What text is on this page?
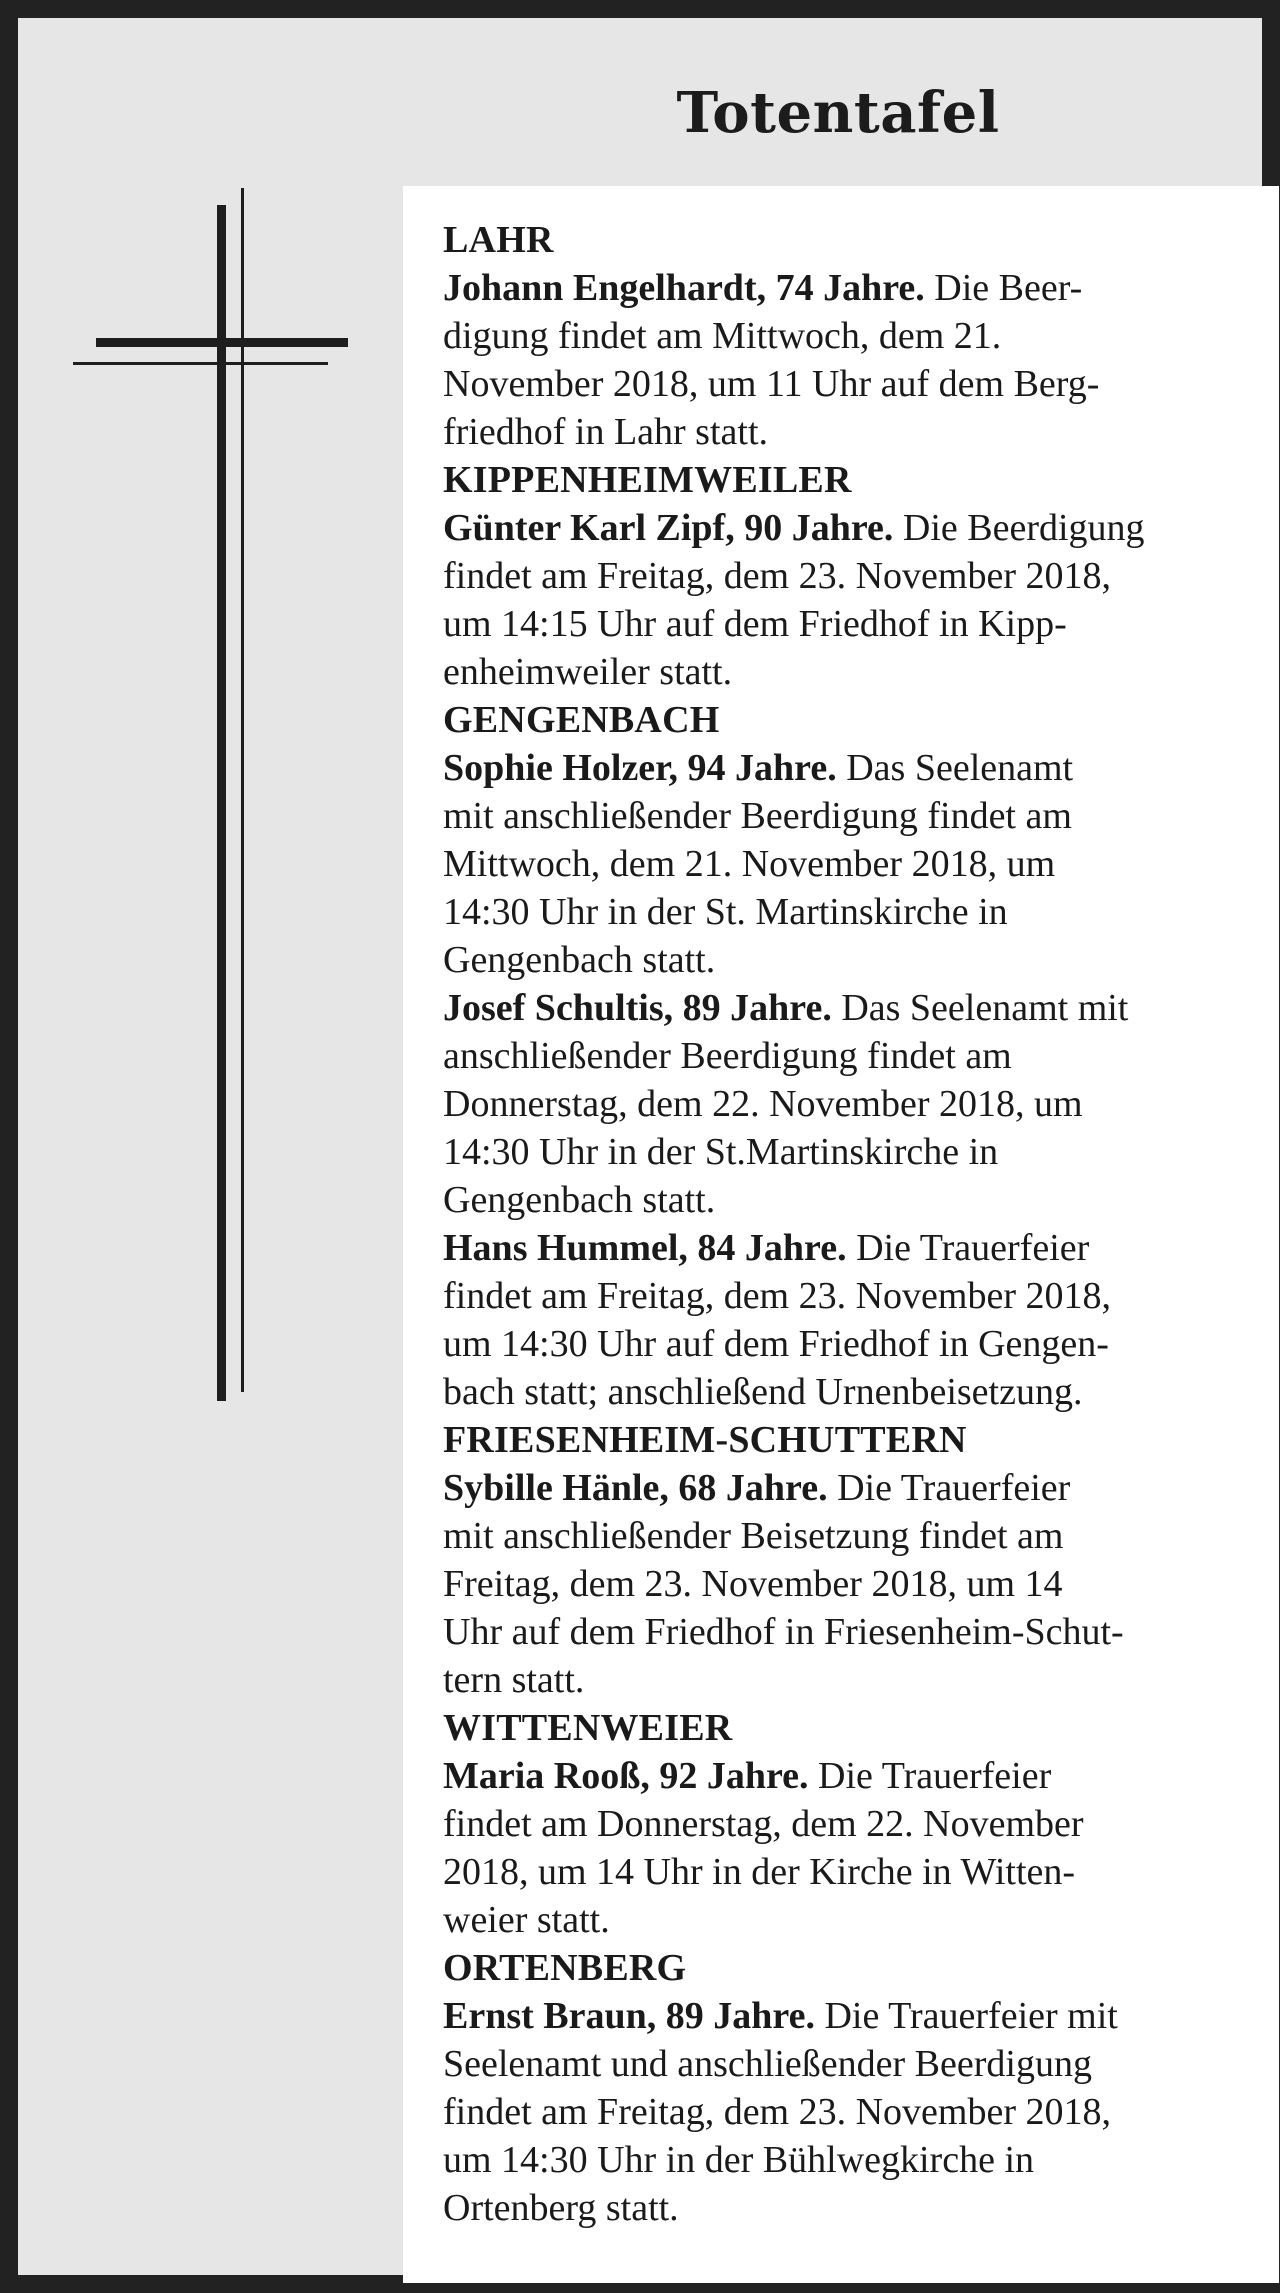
Totentafel
LAHR
Johann Engelhardt, 74 Jahre. Die Beer-
digung findet am Mittwoch, dem 21.
November 2018, um 11 Uhr auf dem Berg-
friedhof in Lahr statt.
KIPPENHEIMWEILER
Günter Karl Zipf, 90 Jahre. Die Beerdigung
findet am Freitag, dem 23. November 2018,
um 14:15 Uhr auf dem Friedhof in Kipp-
enheimweiler statt.
GENGENBACH
Sophie Holzer, 94 Jahre. Das Seelenamt
mit anschließender Beerdigung findet am
Mittwoch, dem 21. November 2018, um
14:30 Uhr in der St. Martinskirche in
Gengenbach statt.
Josef Schultis, 89 Jahre. Das Seelenamt mit
anschließender Beerdigung findet am
Donnerstag, dem 22. November 2018, um
14:30 Uhr in der St.Martinskirche in
Gengenbach statt.
Hans Hummel, 84 Jahre. Die Trauerfeier
findet am Freitag, dem 23. November 2018,
um 14:30 Uhr auf dem Friedhof in Gengen-
bach statt; anschließend Urnenbeisetzung.
FRIESENHEIM-SCHUTTERN
Sybille Hänle, 68 Jahre. Die Trauerfeier
mit anschließender Beisetzung findet am
Freitag, dem 23. November 2018, um 14
Uhr auf dem Friedhof in Friesenheim-Schut-
tern statt.
WITTENWEIER
Maria Rooß, 92 Jahre. Die Trauerfeier
findet am Donnerstag, dem 22. November
2018, um 14 Uhr in der Kirche in Witten-
weier statt.
ORTENBERG
Ernst Braun, 89 Jahre. Die Trauerfeier mit
Seelenamt und anschließender Beerdigung
findet am Freitag, dem 23. November 2018,
um 14:30 Uhr in der Bühlwegkirche in
Ortenberg statt.
